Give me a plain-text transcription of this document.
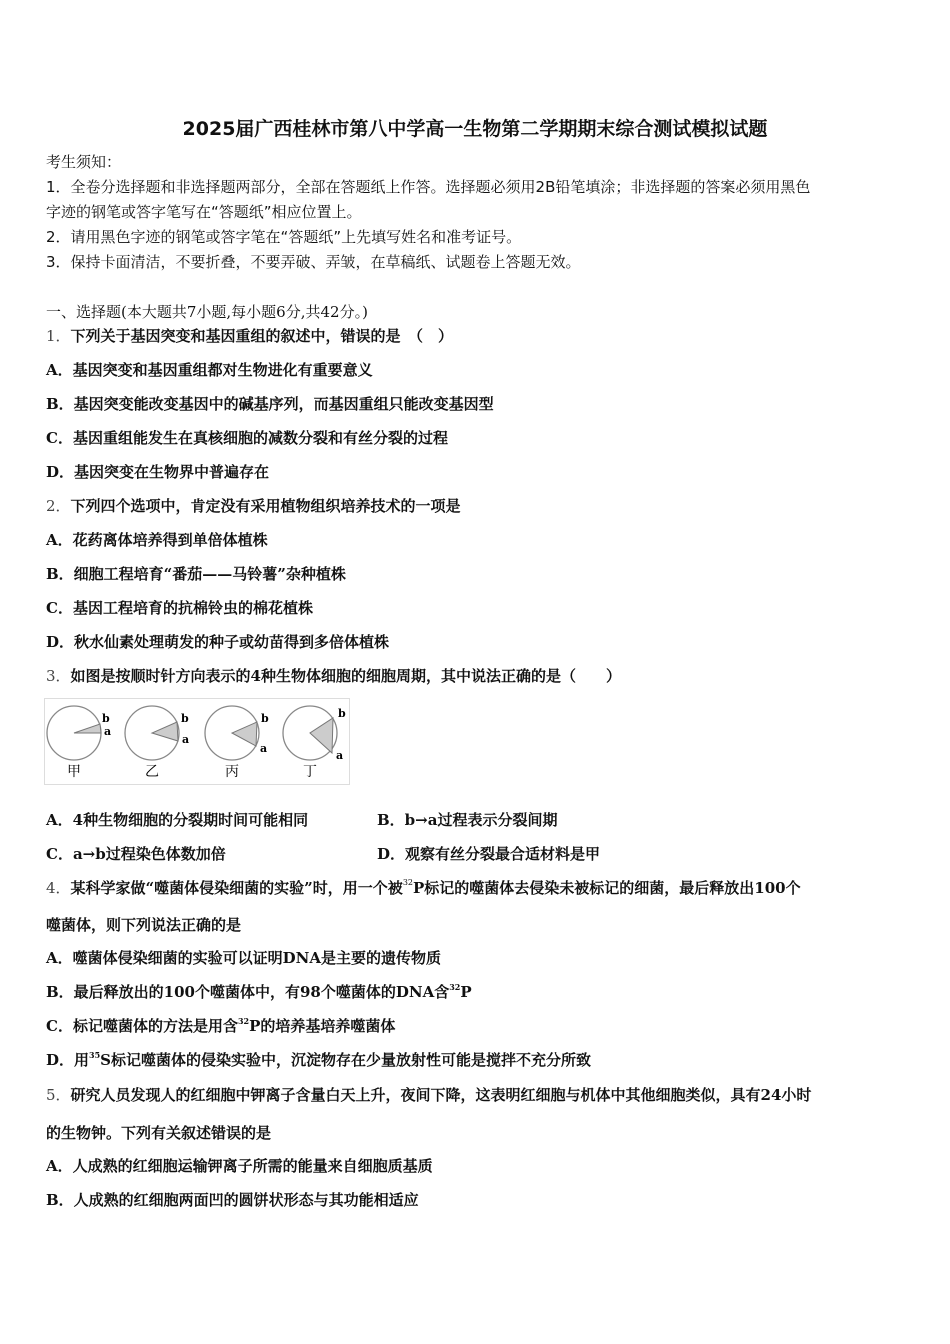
2025届广西桂林市第八中学高一生物第二学期期末综合测试模拟试题
考生须知：
1．全卷分选择题和非选择题两部分，全部在答题纸上作答。选择题必须用2B铅笔填涂；非选择题的答案必须用黑色
字迹的钢笔或答字笔写在“答题纸”相应位置上。
2．请用黑色字迹的钢笔或答字笔在“答题纸”上先填写姓名和准考证号。
3．保持卡面清洁，不要折叠，不要弄破、弄皱，在草稿纸、试题卷上答题无效。
一、选择题(本大题共7小题,每小题6分,共42分。)
1．下列关于基因突变和基因重组的叙述中，错误的是　（　）
A．基因突变和基因重组都对生物进化有重要意义
B．基因突变能改变基因中的碱基序列，而基因重组只能改变基因型
C．基因重组能发生在真核细胞的减数分裂和有丝分裂的过程
D．基因突变在生物界中普遍存在
2．下列四个选项中，肯定没有采用植物组织培养技术的一项是
A．花药离体培养得到单倍体植株
B．细胞工程培育“番茄——马铃薯”杂种植株
C．基因工程培育的抗棉铃虫的棉花植株
D．秋水仙素处理萌发的种子或幼苗得到多倍体植株
3．如图是按顺时针方向表示的4种生物体细胞的细胞周期，其中说法正确的是（　　）
b
a
甲
b
a
乙
b
a
丙
b
a
丁
A．4种生物细胞的分裂期时间可能相同	B．b→a过程表示分裂间期
C．a→b过程染色体数加倍	D．观察有丝分裂最合适材料是甲
4．某科学家做“噬菌体侵染细菌的实验”时，用一个被$^{32}$P标记的噬菌体去侵染未被标记的细菌，最后释放出100个
噬菌体，则下列说法正确的是
A．噬菌体侵染细菌的实验可以证明DNA是主要的遗传物质
B．最后释放出的100个噬菌体中，有98个噬菌体的DNA含$^{32}$P
C．标记噬菌体的方法是用含$^{32}$P的培养基培养噬菌体
D．用$^{35}$S标记噬菌体的侵染实验中，沉淀物存在少量放射性可能是搅拌不充分所致
5．研究人员发现人的红细胞中钾离子含量白天上升，夜间下降，这表明红细胞与机体中其他细胞类似，具有24小时
的生物钟。下列有关叙述错误的是
A．人成熟的红细胞运输钾离子所需的能量来自细胞质基质
B．人成熟的红细胞两面凹的圆饼状形态与其功能相适应
